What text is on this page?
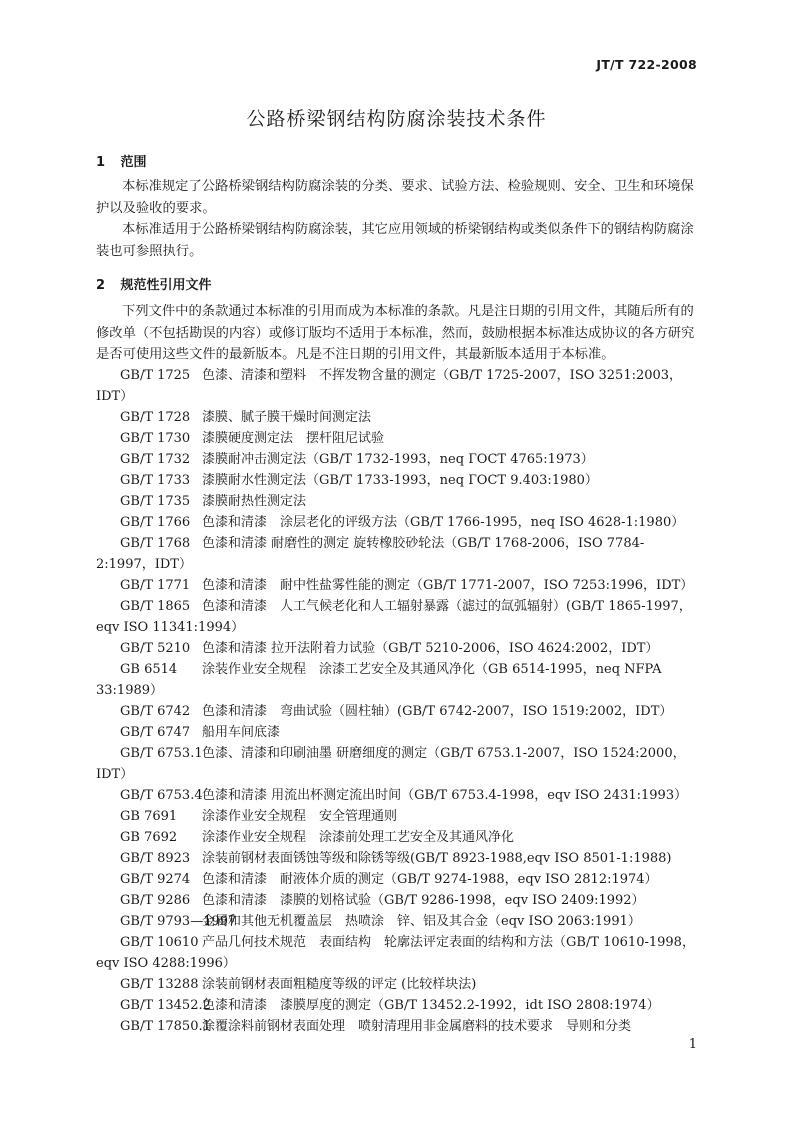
JT/T 722-2008
公路桥梁钢结构防腐涂装技术条件
1 范围
本标准规定了公路桥梁钢结构防腐涂装的分类、要求、试验方法、检验规则、安全、卫生和环境保护以及验收的要求。
本标准适用于公路桥梁钢结构防腐涂装，其它应用领域的桥梁钢结构或类似条件下的钢结构防腐涂装也可参照执行。
2 规范性引用文件
下列文件中的条款通过本标准的引用而成为本标准的条款。凡是注日期的引用文件，其随后所有的修改单（不包括勘误的内容）或修订版均不适用于本标准，然而，鼓励根据本标准达成协议的各方研究是否可使用这些文件的最新版本。凡是不注日期的引用文件，其最新版本适用于本标准。
GB/T 1725 色漆、清漆和塑料　不挥发物含量的测定（GB/T 1725-2007，ISO 3251:2003，IDT）
GB/T 1728 漆膜、腻子膜干燥时间测定法
GB/T 1730 漆膜硬度测定法　摆杆阻尼试验
GB/T 1732 漆膜耐冲击测定法（GB/T 1732-1993，neq ГОСТ 4765:1973）
GB/T 1733 漆膜耐水性测定法（GB/T 1733-1993，neq ГОСТ 9.403:1980）
GB/T 1735 漆膜耐热性测定法
GB/T 1766 色漆和清漆　涂层老化的评级方法（GB/T 1766-1995，neq ISO 4628-1:1980）
GB/T 1768 色漆和清漆 耐磨性的测定 旋转橡胶砂轮法（GB/T 1768-2006，ISO 7784-2:1997，IDT）
GB/T 1771 色漆和清漆　耐中性盐雾性能的测定（GB/T 1771-2007，ISO 7253:1996，IDT）
GB/T 1865 色漆和清漆　人工气候老化和人工辐射暴露（滤过的氙弧辐射）(GB/T 1865-1997，eqv ISO 11341:1994）
GB/T 5210 色漆和清漆 拉开法附着力试验（GB/T 5210-2006，ISO 4624:2002，IDT）
GB 6514 涂装作业安全规程　涂漆工艺安全及其通风净化（GB 6514-1995，neq NFPA 33:1989）
GB/T 6742 色漆和清漆　弯曲试验（圆柱轴）(GB/T 6742-2007，ISO 1519:2002，IDT）
GB/T 6747 船用车间底漆
GB/T 6753.1色漆、清漆和印刷油墨 研磨细度的测定（GB/T 6753.1-2007，ISO 1524:2000，IDT）
GB/T 6753.4色漆和清漆 用流出杯测定流出时间（GB/T 6753.4-1998，eqv ISO 2431:1993）
GB 7691 涂漆作业安全规程　安全管理通则
GB 7692 涂漆作业安全规程　涂漆前处理工艺安全及其通风净化
GB/T 8923 涂装前钢材表面锈蚀等级和除锈等级(GB/T 8923-1988,eqv ISO 8501-1:1988)
GB/T 9274 色漆和清漆　耐液体介质的测定（GB/T 9274-1988，eqv ISO 2812:1974）
GB/T 9286 色漆和清漆　漆膜的划格试验（GB/T 9286-1998，eqv ISO 2409:1992）
GB/T 9793—1997金属和其他无机覆盖层　热喷涂　锌、铝及其合金（eqv ISO 2063:1991）
GB/T 10610 产品几何技术规范　表面结构　轮廓法评定表面的结构和方法（GB/T 10610-1998，eqv ISO 4288:1996）
GB/T 13288 涂装前钢材表面粗糙度等级的评定 (比较样块法)
GB/T 13452.2色漆和清漆　漆膜厚度的测定（GB/T 13452.2-1992，idt ISO 2808:1974）
GB/T 17850.1涂覆涂料前钢材表面处理　喷射清理用非金属磨料的技术要求　导则和分类
1
